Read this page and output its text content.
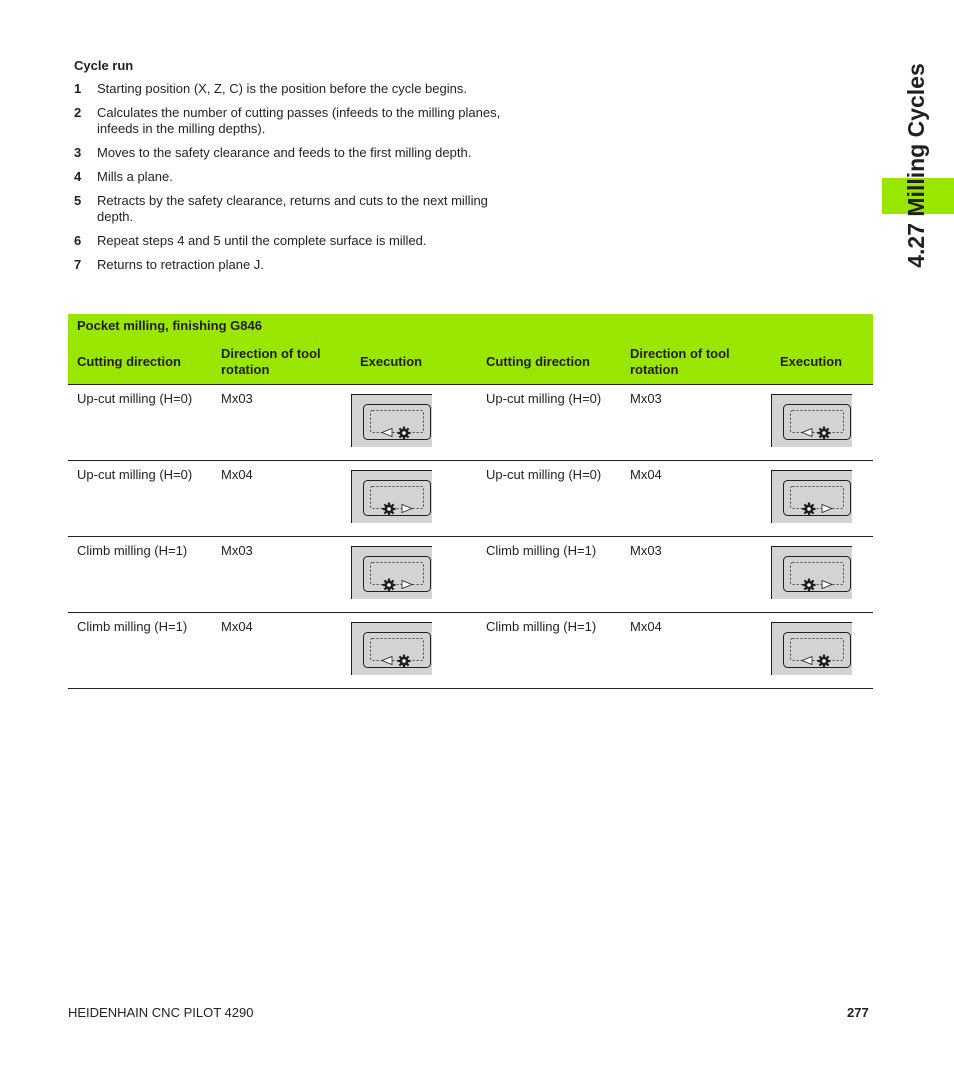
4.27 Milling Cycles
Cycle run
1	Starting position (X, Z, C) is the position before the cycle begins.
2	Calculates the number of cutting passes (infeeds to the milling planes, infeeds in the milling depths).
3	Moves to the safety clearance and feeds to the first milling depth.
4	Mills a plane.
5	Retracts by the safety clearance, returns and cuts to the next milling depth.
6	Repeat steps 4 and 5 until the complete surface is milled.
7	Returns to retraction plane J.
Pocket milling, finishing G846					
Cutting direction	Direction of tool rotation	Execution	Cutting direction	Direction of tool rotation	Execution
Up-cut milling (H=0)	Mx03		Up-cut milling (H=0)	Mx03	

Up-cut milling (H=0)	Mx04		Up-cut milling (H=0)	Mx04	

Climb milling (H=1)	Mx03		Climb milling (H=1)	Mx03	

Climb milling (H=1)	Mx04		Climb milling (H=1)	Mx04	
HEIDENHAIN CNC PILOT 4290	277
